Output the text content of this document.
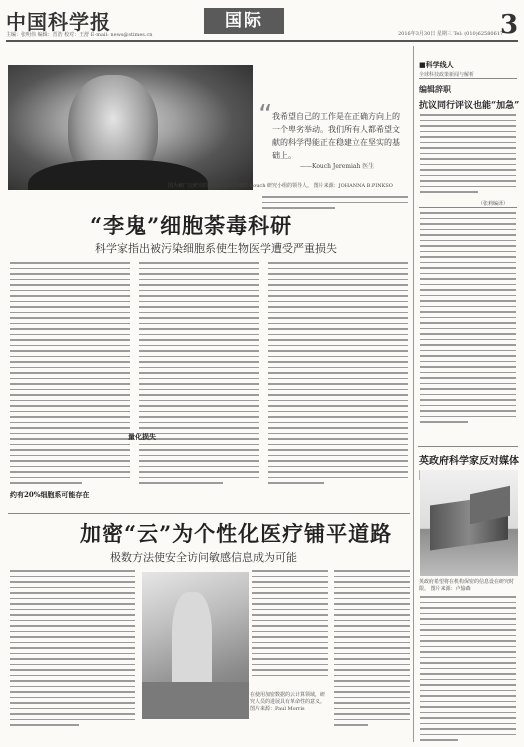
中国科学报
主编：张明伟 编辑：晋浩 校对：王舒 E-mail: news@stimes.cn
国际
2016年3月30日 星期三 Tel: (010)62580617
3
“ 我希望自己的工作是在正确方向上的一个卑劣举动。我们所有人都希望文献的科学得能正在稳建立在坚实的基础上。
——Kouch Jeremiah 医生
图为被广泛研究的细胞系感染领域的 Kouch 研究小组的领导人。 图片来源：JOHANNA B.PINKSO
“李鬼”细胞荼毒科研
科学家指出被污染细胞系使生物医学遭受严重损失
约有20%细胞系可能存在
量化损失
加密“云”为个性化医疗铺平道路
极数方法使安全访问敏感信息成为可能
在使用加密数据的云计算领域，研究人员的进展具有革命性的意义。 图片来源：Paul Morris
■科学线人
全球科技政策新闻与解析
编辑辞职
抗议同行评议也能“加急”
（张莉编译）
英政府科学家反对媒体
英政府希望将在机构保密的信息设在研究时限。 图片来源：卢愉森
